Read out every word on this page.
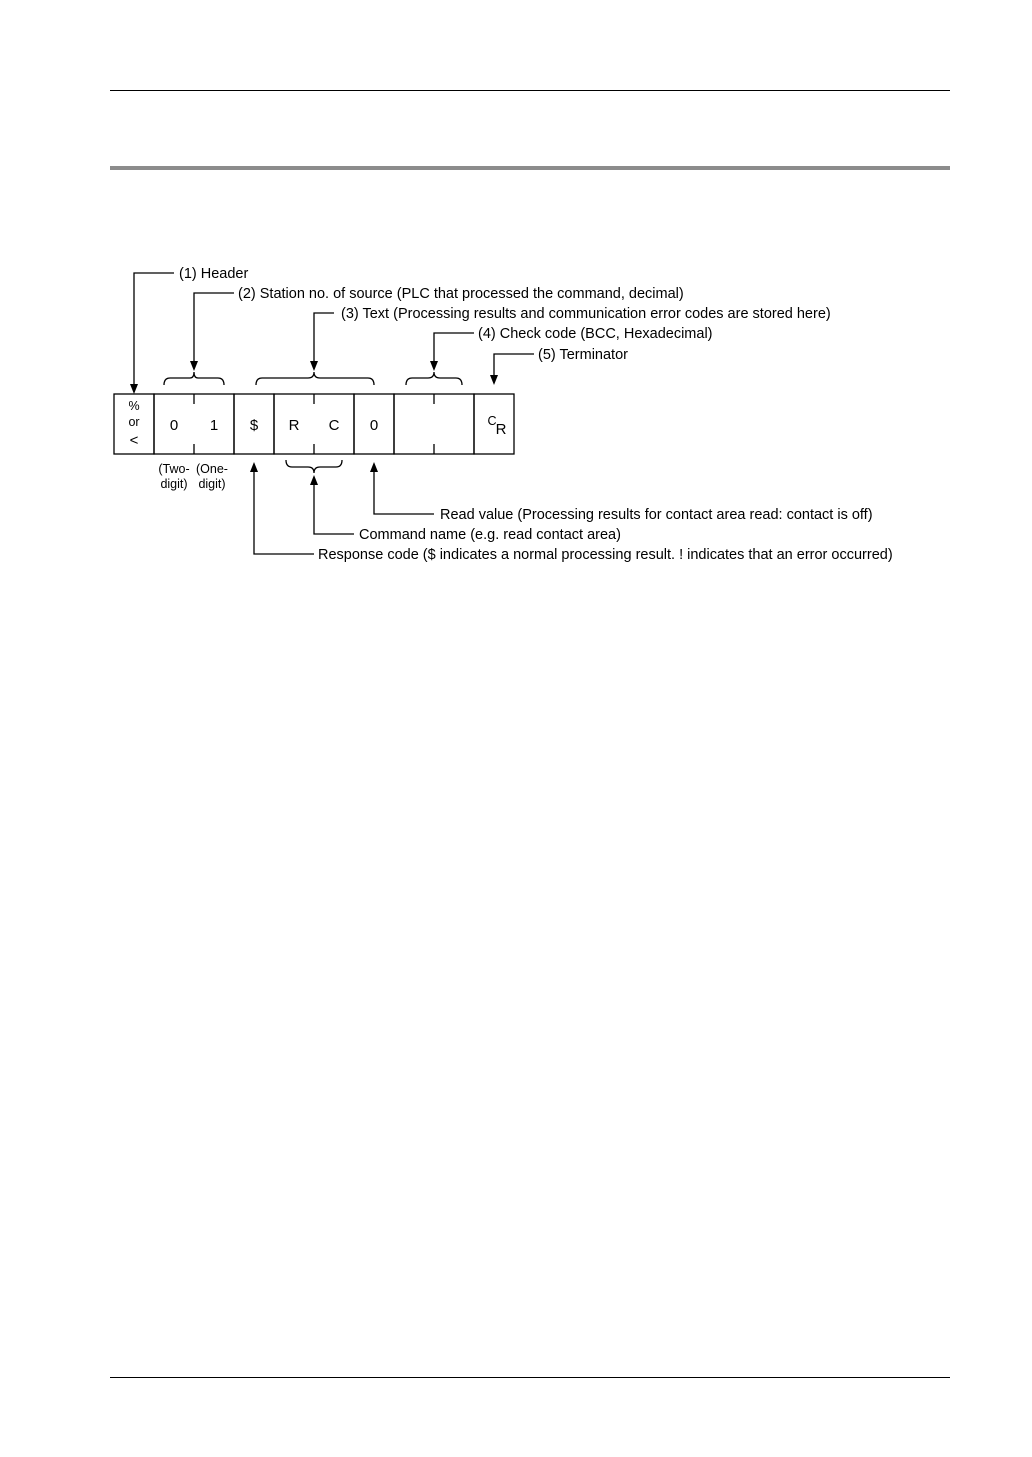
(1) Header
(2) Station no. of source (PLC that processed the command, decimal)
(3) Text (Processing results and communication error codes are stored here)
(4) Check code (BCC, Hexadecimal)
(5) Terminator
%
or
<
0 1 $ R C 0	C R
(Two-
digit)
(One-
digit)
Read value (Processing results for contact area read: contact is off)
Command name (e.g. read contact area)
Response code ($ indicates a normal processing result. ! indicates that an error occurred)
